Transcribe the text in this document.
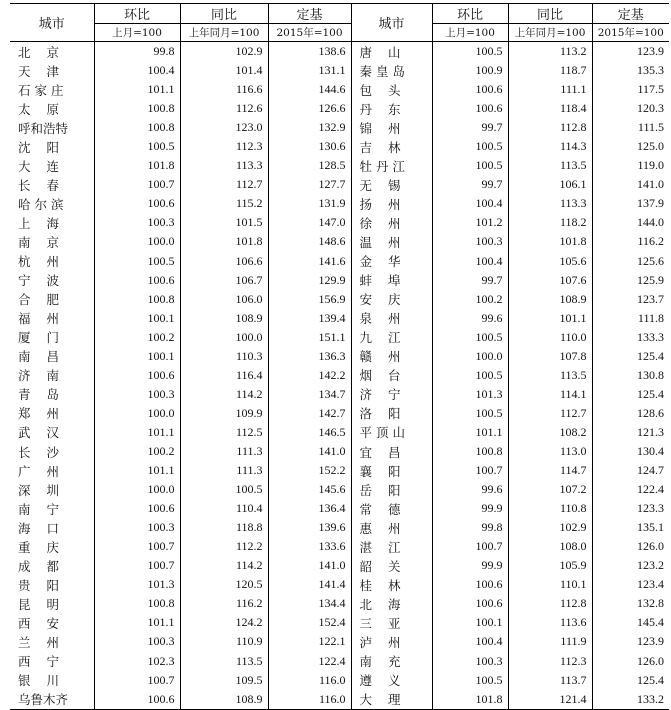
城市	环比	同比	定基	城市	环比	同比	定基
	上月=100	上年同月=100	2015年=100		上月=100	上年同月=100	2015年=100
北京	99.8	102.9	138.6	唐山	100.5	113.2	123.9
天津	100.4	101.4	131.1	秦皇岛	100.9	118.7	135.3
石家庄	101.1	116.6	144.6	包头	100.6	111.1	117.5
太原	100.8	112.6	126.6	丹东	100.6	118.4	120.3
呼和浩特	100.8	123.0	132.9	锦州	99.7	112.8	111.5
沈阳	100.5	112.3	130.6	吉林	100.5	114.3	125.0
大连	101.8	113.3	128.5	牡丹江	100.5	113.5	119.0
长春	100.7	112.7	127.7	无锡	99.7	106.1	141.0
哈尔滨	100.6	115.2	131.9	扬州	100.4	113.3	137.9
上海	100.3	101.5	147.0	徐州	101.2	118.2	144.0
南京	100.0	101.8	148.6	温州	100.3	101.8	116.2
杭州	100.5	106.6	141.6	金华	100.4	105.6	125.6
宁波	100.6	106.7	129.9	蚌埠	99.7	107.6	125.9
合肥	100.8	106.0	156.9	安庆	100.2	108.9	123.7
福州	100.1	108.9	139.4	泉州	99.6	101.1	111.8
厦门	100.2	100.0	151.1	九江	100.5	110.0	133.3
南昌	100.1	110.3	136.3	赣州	100.0	107.8	125.4
济南	100.6	116.4	142.2	烟台	100.5	113.5	130.8
青岛	100.3	114.2	134.7	济宁	101.3	114.1	125.4
郑州	100.0	109.9	142.7	洛阳	100.5	112.7	128.6
武汉	101.1	112.5	146.5	平顶山	101.1	108.2	121.3
长沙	100.2	111.3	141.0	宜昌	100.8	113.0	130.4
广州	101.1	111.3	152.2	襄阳	100.7	114.7	124.7
深圳	100.0	100.5	145.6	岳阳	99.6	107.2	122.4
南宁	100.6	110.4	136.4	常德	99.9	110.8	123.3
海口	100.3	118.8	139.6	惠州	99.8	102.9	135.1
重庆	100.7	112.2	133.6	湛江	100.7	108.0	126.0
成都	100.7	114.2	141.0	韶关	99.9	105.9	123.2
贵阳	101.3	120.5	141.4	桂林	100.6	110.1	123.4
昆明	100.8	116.2	134.4	北海	100.6	112.8	132.8
西安	101.1	124.2	152.4	三亚	100.1	113.6	145.4
兰州	100.3	110.9	122.1	泸州	100.4	111.9	123.9
西宁	102.3	113.5	122.4	南充	100.3	112.3	126.0
银川	100.7	109.5	116.0	遵义	100.5	113.7	125.4
乌鲁木齐	100.6	108.9	116.0	大理	101.8	121.4	133.2
